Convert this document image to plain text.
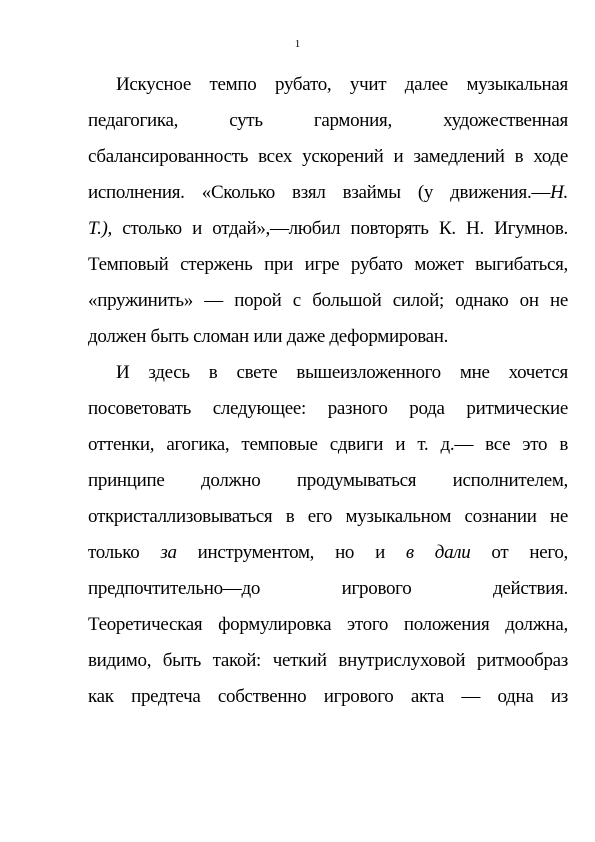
1
Искусное темпо рубато, учит далее музыкальная
педагогика, суть гармония, художественная
сбалансированность всех ускорений и замедлений в ходе
исполнения. «Сколько взял взаймы (у движения.—Н.
Т.), столько и отдай»,—любил повторять К. Н. Игумнов.
Темповый стержень при игре рубато может выгибаться,
«пружинить» — порой с большой силой; однако он не
должен быть сломан или даже деформирован.
И здесь в свете вышеизложенного мне хочется
посоветовать следующее: разного рода ритмические
оттенки, агогика, темповые сдвиги и т. д.— все это в
принципе должно продумываться исполнителем,
откристаллизовываться в его музыкальном сознании не
только за инструментом, но и в дали от него,
предпочтительно—до игрового действия.
Теоретическая формулировка этого положения должна,
видимо, быть такой: четкий внутрислуховой ритмообраз
как предтеча собственно игрового акта — одна из
